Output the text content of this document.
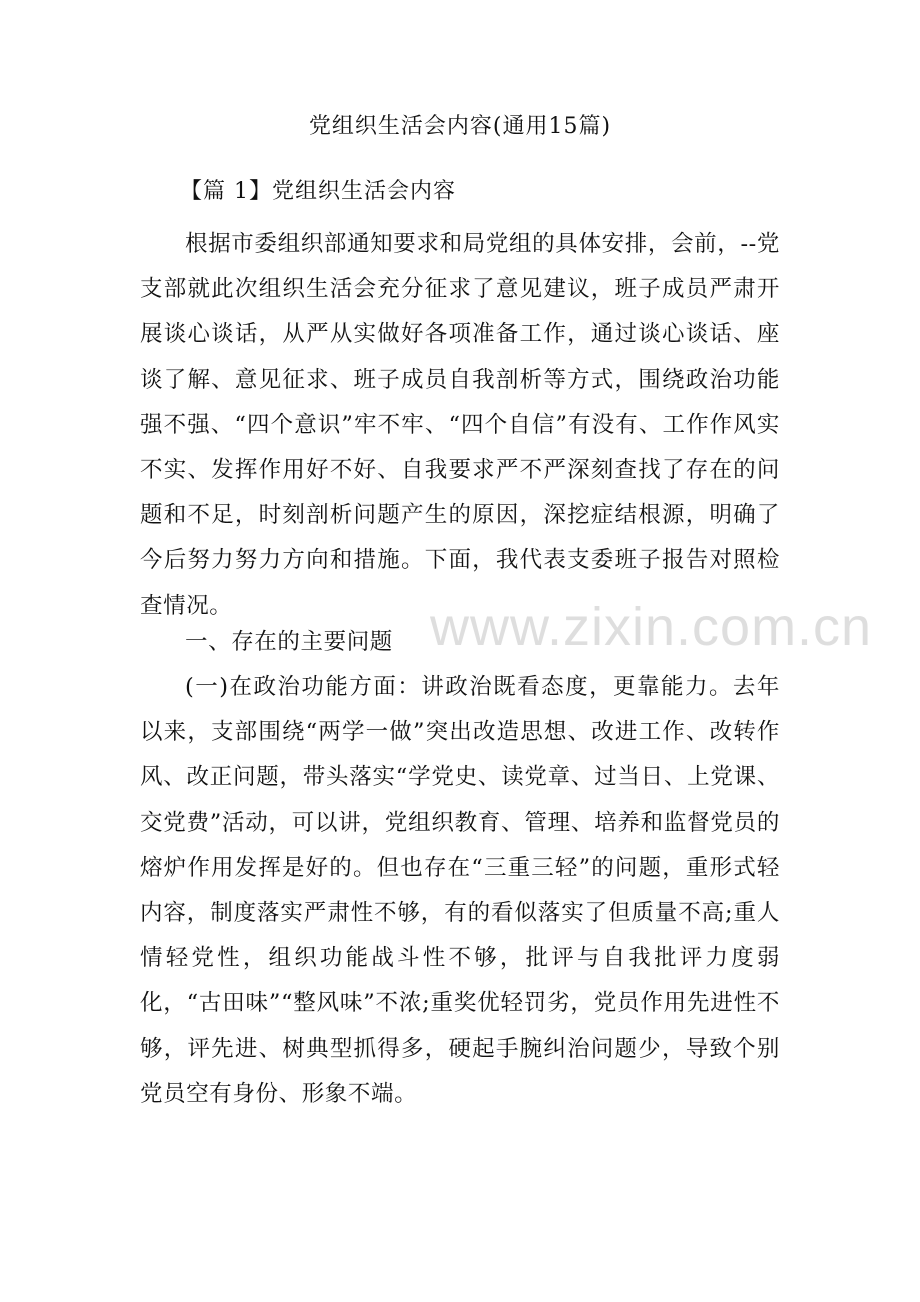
党组织生活会内容(通用15篇)
【篇 1】党组织生活会内容

根据市委组织部通知要求和局党组的具体安排，会前，--党支部就此次组织生活会充分征求了意见建议，班子成员严肃开展谈心谈话，从严从实做好各项准备工作，通过谈心谈话、座谈了解、意见征求、班子成员自我剖析等方式，围绕政治功能强不强、“四个意识”牢不牢、“四个自信”有没有、工作作风实不实、发挥作用好不好、自我要求严不严深刻查找了存在的问题和不足，时刻剖析问题产生的原因，深挖症结根源，明确了今后努力努力方向和措施。下面，我代表支委班子报告对照检查情况。

一、存在的主要问题

(一)在政治功能方面：讲政治既看态度，更靠能力。去年以来，支部围绕“两学一做”突出改造思想、改进工作、改转作风、改正问题，带头落实“学党史、读党章、过当日、上党课、交党费”活动，可以讲，党组织教育、管理、培养和监督党员的熔炉作用发挥是好的。但也存在“三重三轻”的问题，重形式轻内容，制度落实严肃性不够，有的看似落实了但质量不高;重人情轻党性，组织功能战斗性不够，批评与自我批评力度弱化，“古田味”“整风味”不浓;重奖优轻罚劣，党员作用先进性不够，评先进、树典型抓得多，硬起手腕纠治问题少，导致个别党员空有身份、形象不端。

www.zixin.com.cn
